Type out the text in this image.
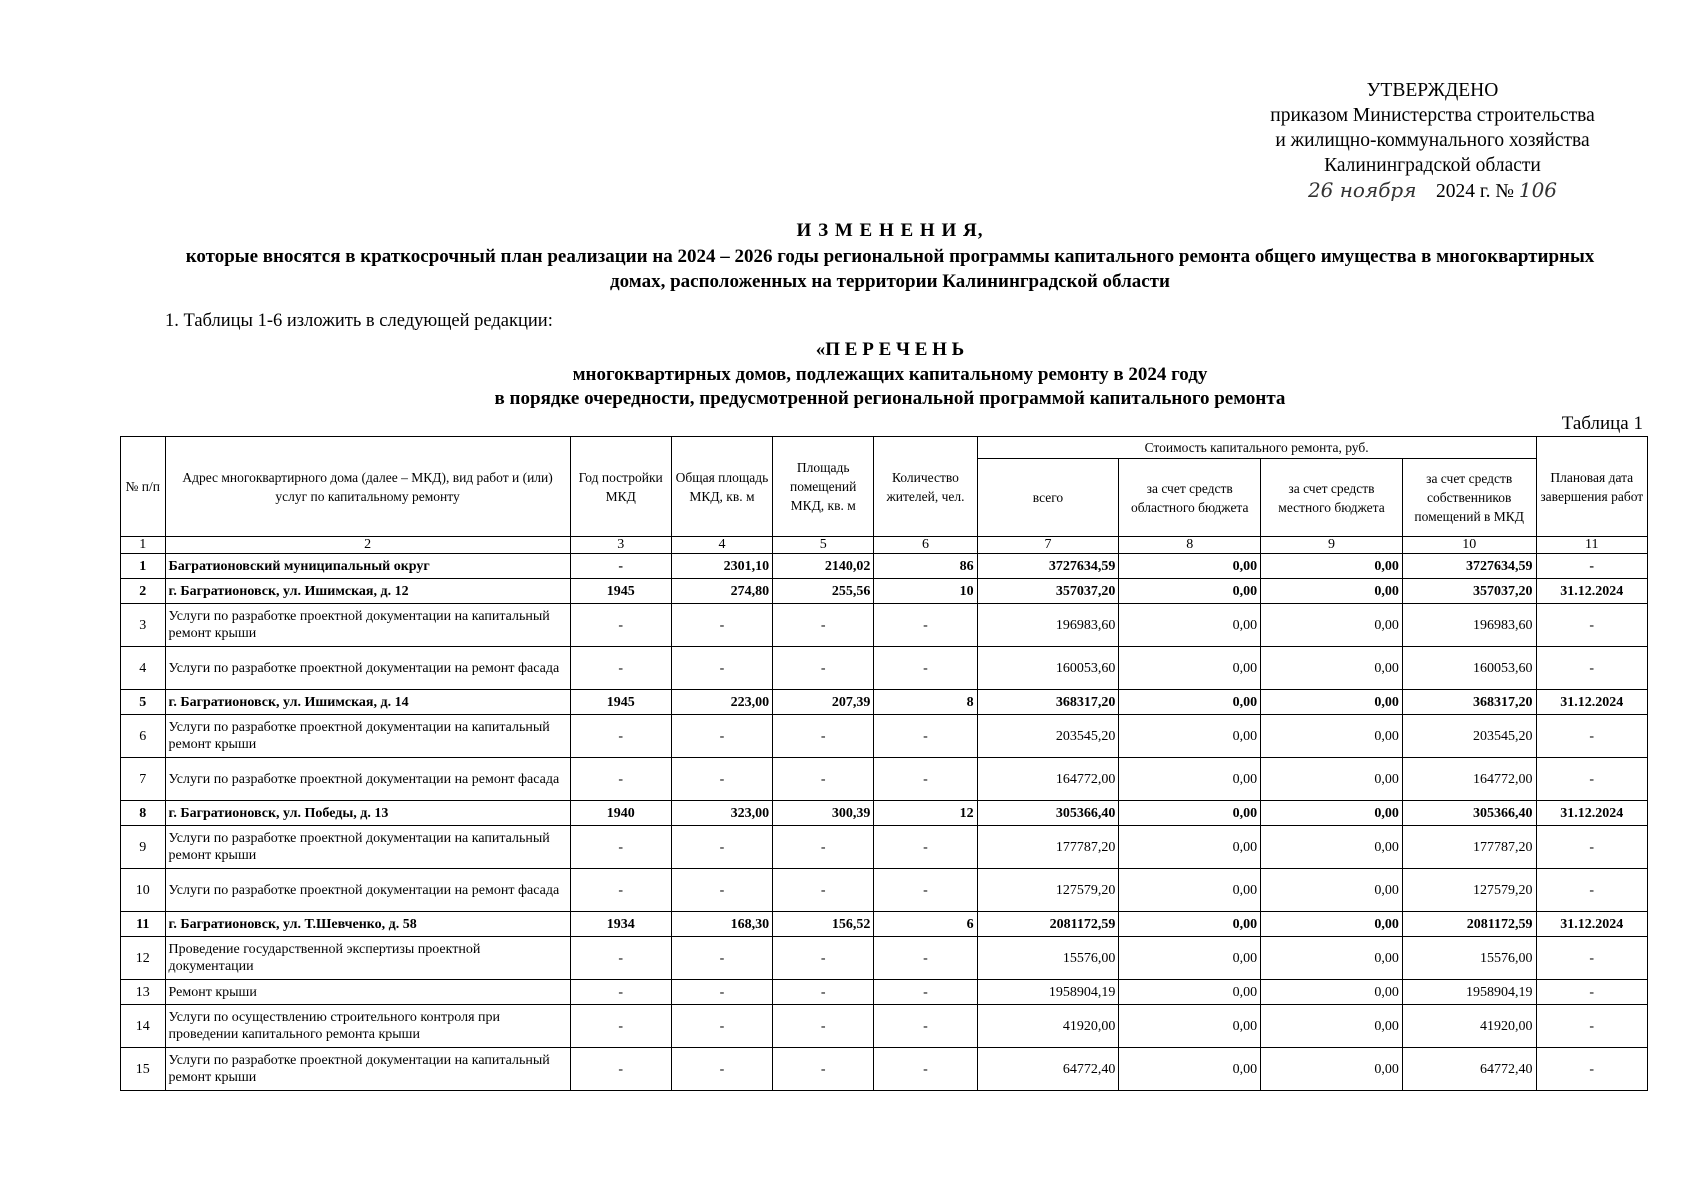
УТВЕРЖДЕНО
приказом Министерства строительства
и жилищно-коммунального хозяйства
Калининградской области
26 ноября 2024 г. № 106
И З М Е Н Е Н И Я,
которые вносятся в краткосрочный план реализации на 2024 – 2026 годы региональной программы капитального ремонта общего имущества в многоквартирных
домах, расположенных на территории Калининградской области
1. Таблицы 1-6 изложить в следующей редакции:
«П Е Р Е Ч Е Н Ь
многоквартирных домов, подлежащих капитальному ремонту в 2024 году
в порядке очередности, предусмотренной региональной программой капитального ремонта
Таблица 1
№ п/п	Адрес многоквартирного дома (далее – МКД), вид работ и (или) услуг по капитальному ремонту	Год постройки МКД	Общая площадь МКД, кв. м	Площадь помещений МКД, кв. м	Количество жителей, чел.	Стоимость капитального ремонта, руб.				Плановая дата завершения работ
						всего	за счет средств областного бюджета	за счет средств местного бюджета	за счет средств собственников помещений в МКД	
1	2	3	4	5	6	7	8	9	10	11
1	Багратионовский муниципальный округ	-	2301,10	2140,02	86	3727634,59	0,00	0,00	3727634,59	-
2	г. Багратионовск, ул. Ишимская, д. 12	1945	274,80	255,56	10	357037,20	0,00	0,00	357037,20	31.12.2024
3	Услуги по разработке проектной документации на капитальный ремонт крыши	-	-	-	-	196983,60	0,00	0,00	196983,60	-
4	Услуги по разработке проектной документации на ремонт фасада	-	-	-	-	160053,60	0,00	0,00	160053,60	-
5	г. Багратионовск, ул. Ишимская, д. 14	1945	223,00	207,39	8	368317,20	0,00	0,00	368317,20	31.12.2024
6	Услуги по разработке проектной документации на капитальный ремонт крыши	-	-	-	-	203545,20	0,00	0,00	203545,20	-
7	Услуги по разработке проектной документации на ремонт фасада	-	-	-	-	164772,00	0,00	0,00	164772,00	-
8	г. Багратионовск, ул. Победы, д. 13	1940	323,00	300,39	12	305366,40	0,00	0,00	305366,40	31.12.2024
9	Услуги по разработке проектной документации на капитальный ремонт крыши	-	-	-	-	177787,20	0,00	0,00	177787,20	-
10	Услуги по разработке проектной документации на ремонт фасада	-	-	-	-	127579,20	0,00	0,00	127579,20	-
11	г. Багратионовск, ул. Т.Шевченко, д. 58	1934	168,30	156,52	6	2081172,59	0,00	0,00	2081172,59	31.12.2024
12	Проведение государственной экспертизы проектной документации	-	-	-	-	15576,00	0,00	0,00	15576,00	-
13	Ремонт крыши	-	-	-	-	1958904,19	0,00	0,00	1958904,19	-
14	Услуги по осуществлению строительного контроля при проведении капитального ремонта крыши	-	-	-	-	41920,00	0,00	0,00	41920,00	-
15	Услуги по разработке проектной документации на капитальный ремонт крыши	-	-	-	-	64772,40	0,00	0,00	64772,40	-
